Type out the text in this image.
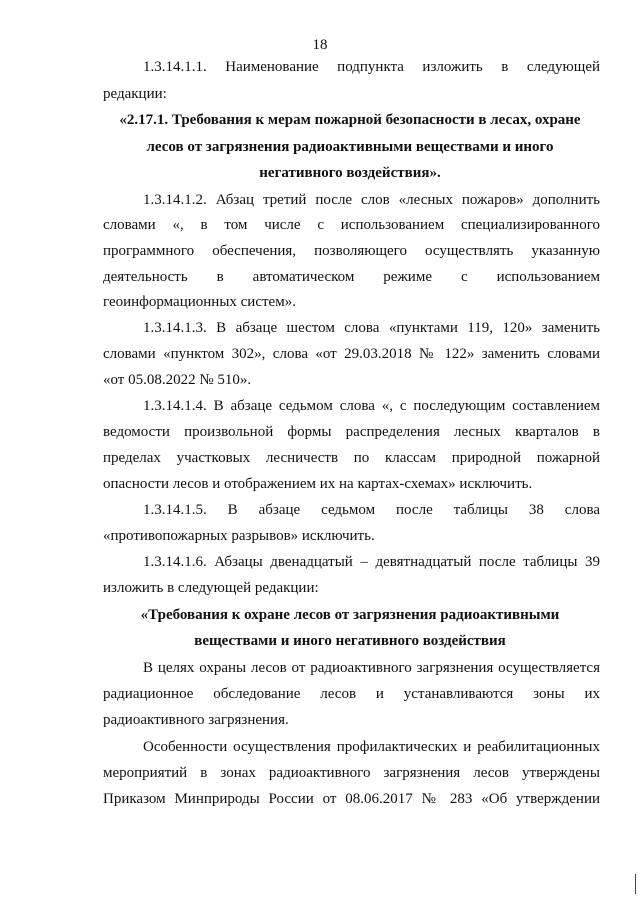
18
1.3.14.1.1. Наименование подпункта изложить в следующей
редакции:
«2.17.1. Требования к мерам пожарной безопасности в лесах, охране
лесов от загрязнения радиоактивными веществами и иного
негативного воздействия».
1.3.14.1.2. Абзац третий после слов «лесных пожаров» дополнить
словами «, в том числе с использованием специализированного
программного обеспечения, позволяющего осуществлять указанную
деятельность в автоматическом режиме с использованием
геоинформационных систем».
1.3.14.1.3. В абзаце шестом слова «пунктами 119, 120» заменить
словами «пунктом 302», слова «от 29.03.2018 № 122» заменить словами
«от 05.08.2022 № 510».
1.3.14.1.4. В абзаце седьмом слова «, с последующим составлением
ведомости произвольной формы распределения лесных кварталов в
пределах участковых лесничеств по классам природной пожарной
опасности лесов и отображением их на картах-схемах» исключить.
1.3.14.1.5. В абзаце седьмом после таблицы 38 слова
«противопожарных разрывов» исключить.
1.3.14.1.6. Абзацы двенадцатый – девятнадцатый после таблицы 39
изложить в следующей редакции:
«Требования к охране лесов от загрязнения радиоактивными
веществами и иного негативного воздействия
В целях охраны лесов от радиоактивного загрязнения осуществляется
радиационное обследование лесов и устанавливаются зоны их
радиоактивного загрязнения.
Особенности осуществления профилактических и реабилитационных
мероприятий в зонах радиоактивного загрязнения лесов утверждены
Приказом Минприроды России от 08.06.2017 № 283 «Об утверждении
